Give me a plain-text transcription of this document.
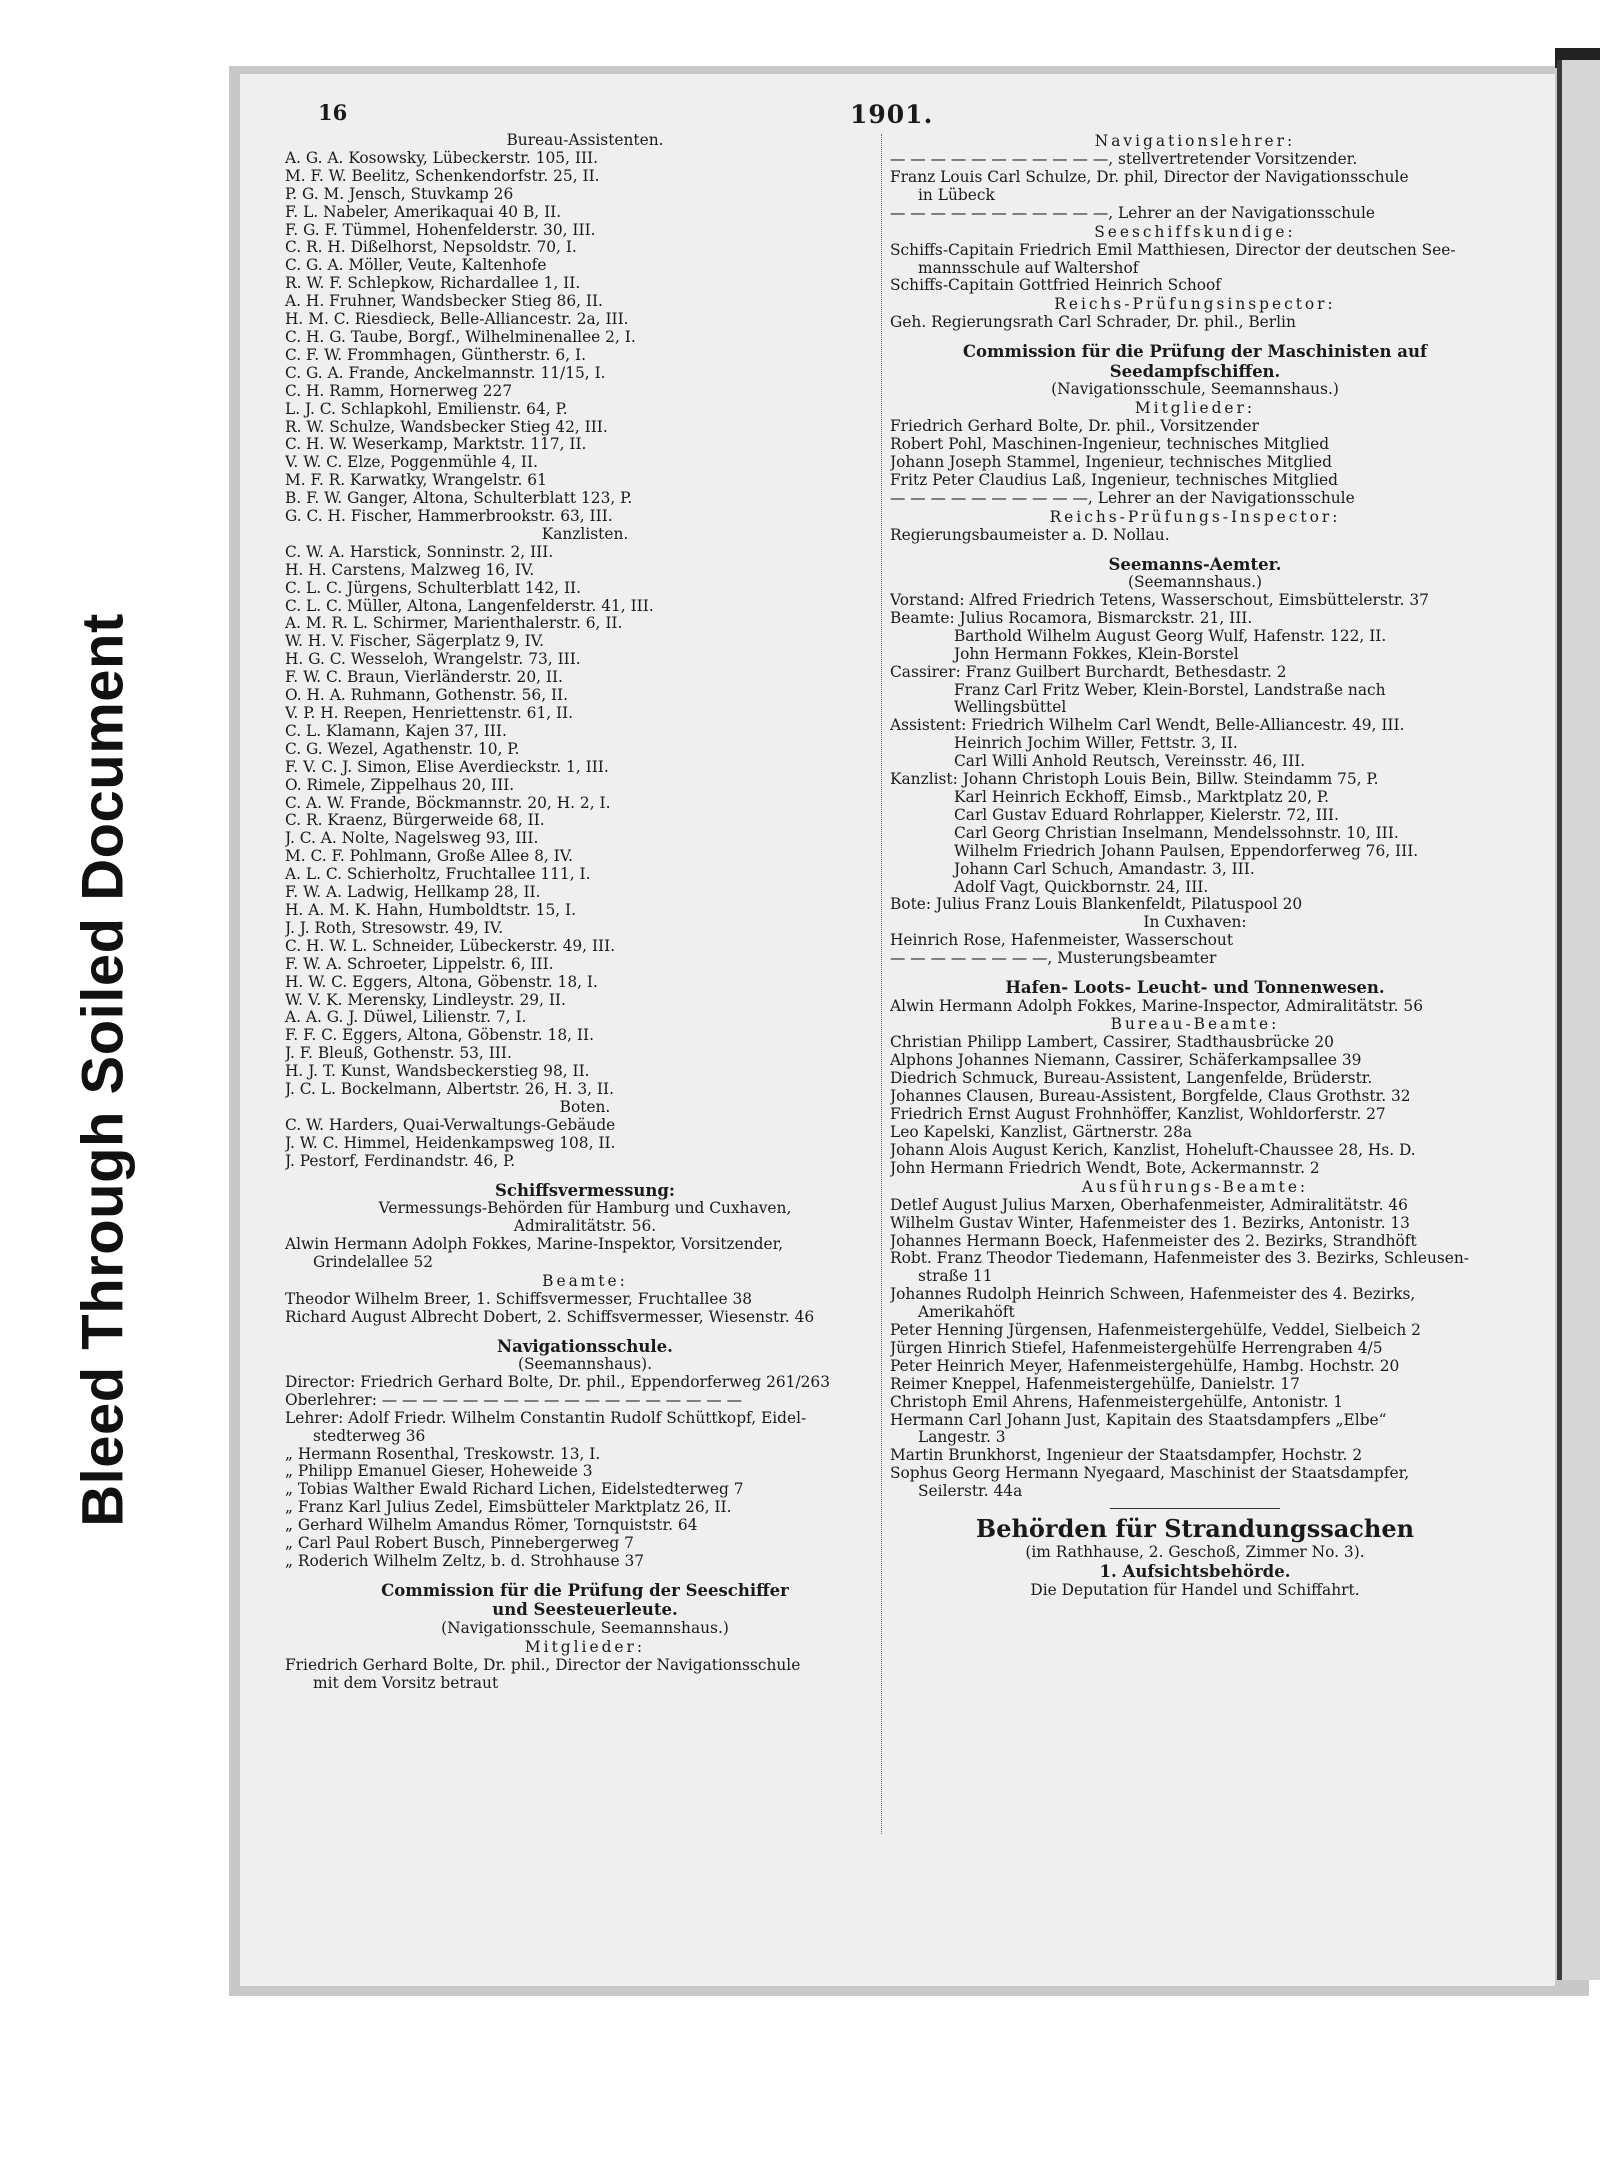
Bleed Through Soiled Document
16	1901.
Bureau-Assistenten.
A. G. A. Kosowsky, Lübeckerstr. 105, III.
M. F. W. Beelitz, Schenkendorfstr. 25, II.
P. G. M. Jensch, Stuvkamp 26
F. L. Nabeler, Amerikaquai 40 B, II.
F. G. F. Tümmel, Hohenfelderstr. 30, III.
C. R. H. Dißelhorst, Nepsoldstr. 70, I.
C. G. A. Möller, Veute, Kaltenhofe
R. W. F. Schlepkow, Richardallee 1, II.
A. H. Fruhner, Wandsbecker Stieg 86, II.
H. M. C. Riesdieck, Belle-Alliancestr. 2a, III.
C. H. G. Taube, Borgf., Wilhelminenallee 2, I.
C. F. W. Frommhagen, Güntherstr. 6, I.
C. G. A. Frande, Anckelmannstr. 11/15, I.
C. H. Ramm, Hornerweg 227
L. J. C. Schlapkohl, Emilienstr. 64, P.
R. W. Schulze, Wandsbecker Stieg 42, III.
C. H. W. Weserkamp, Marktstr. 117, II.
V. W. C. Elze, Poggenmühle 4, II.
M. F. R. Karwatky, Wrangelstr. 61
B. F. W. Ganger, Altona, Schulterblatt 123, P.
G. C. H. Fischer, Hammerbrookstr. 63, III.
Kanzlisten.
C. W. A. Harstick, Sonninstr. 2, III.
H. H. Carstens, Malzweg 16, IV.
C. L. C. Jürgens, Schulterblatt 142, II.
C. L. C. Müller, Altona, Langenfelderstr. 41, III.
A. M. R. L. Schirmer, Marienthalerstr. 6, II.
W. H. V. Fischer, Sägerplatz 9, IV.
H. G. C. Wesseloh, Wrangelstr. 73, III.
F. W. C. Braun, Vierländerstr. 20, II.
O. H. A. Ruhmann, Gothenstr. 56, II.
V. P. H. Reepen, Henriettenstr. 61, II.
C. L. Klamann, Kajen 37, III.
C. G. Wezel, Agathenstr. 10, P.
F. V. C. J. Simon, Elise Averdieckstr. 1, III.
O. Rimele, Zippelhaus 20, III.
C. A. W. Frande, Böckmannstr. 20, H. 2, I.
C. R. Kraenz, Bürgerweide 68, II.
J. C. A. Nolte, Nagelsweg 93, III.
M. C. F. Pohlmann, Große Allee 8, IV.
A. L. C. Schierholtz, Fruchtallee 111, I.
F. W. A. Ladwig, Hellkamp 28, II.
H. A. M. K. Hahn, Humboldtstr. 15, I.
J. J. Roth, Stresowstr. 49, IV.
C. H. W. L. Schneider, Lübeckerstr. 49, III.
F. W. A. Schroeter, Lippelstr. 6, III.
H. W. C. Eggers, Altona, Göbenstr. 18, I.
W. V. K. Merensky, Lindleystr. 29, II.
A. A. G. J. Düwel, Lilienstr. 7, I.
F. F. C. Eggers, Altona, Göbenstr. 18, II.
J. F. Bleuß, Gothenstr. 53, III.
H. J. T. Kunst, Wandsbeckerstieg 98, II.
J. C. L. Bockelmann, Albertstr. 26, H. 3, II.
Boten.
C. W. Harders, Quai-Verwaltungs-Gebäude
J. W. C. Himmel, Heidenkampsweg 108, II.
J. Pestorf, Ferdinandstr. 46, P.
Schiffsvermessung:
Vermessungs-Behörden für Hamburg und Cuxhaven,
Admiralitätstr. 56.
Alwin Hermann Adolph Fokkes, Marine-Inspektor, Vorsitzender,
Grindelallee 52
Beamte:
Theodor Wilhelm Breer, 1. Schiffsvermesser, Fruchtallee 38
Richard August Albrecht Dobert, 2. Schiffsvermesser, Wiesenstr. 46
Navigationsschule.
(Seemannshaus).
Director: Friedrich Gerhard Bolte, Dr. phil., Eppendorferweg 261/263
Oberlehrer: — — — — — — — — — — — — — — — — — —
Lehrer: Adolf Friedr. Wilhelm Constantin Rudolf Schüttkopf, Eidel-
stedterweg 36
„ Hermann Rosenthal, Treskowstr. 13, I.
„ Philipp Emanuel Gieser, Hoheweide 3
„ Tobias Walther Ewald Richard Lichen, Eidelstedterweg 7
„ Franz Karl Julius Zedel, Eimsbütteler Marktplatz 26, II.
„ Gerhard Wilhelm Amandus Römer, Tornquiststr. 64
„ Carl Paul Robert Busch, Pinnebergerweg 7
„ Roderich Wilhelm Zeltz, b. d. Strohhause 37
Commission für die Prüfung der Seeschiffer
und Seesteuerleute.
(Navigationsschule, Seemannshaus.)
Mitglieder:
Friedrich Gerhard Bolte, Dr. phil., Director der Navigationsschule
mit dem Vorsitz betraut
Navigationslehrer:
— — — — — — — — — — —, stellvertretender Vorsitzender.
Franz Louis Carl Schulze, Dr. phil, Director der Navigationsschule
in Lübeck
— — — — — — — — — — —, Lehrer an der Navigationsschule
Seeschiffskundige:
Schiffs-Capitain Friedrich Emil Matthiesen, Director der deutschen See-
mannsschule auf Waltershof
Schiffs-Capitain Gottfried Heinrich Schoof
Reichs-Prüfungsinspector:
Geh. Regierungsrath Carl Schrader, Dr. phil., Berlin
Commission für die Prüfung der Maschinisten auf
Seedampfschiffen.
(Navigationsschule, Seemannshaus.)
Mitglieder:
Friedrich Gerhard Bolte, Dr. phil., Vorsitzender
Robert Pohl, Maschinen-Ingenieur, technisches Mitglied
Johann Joseph Stammel, Ingenieur, technisches Mitglied
Fritz Peter Claudius Laß, Ingenieur, technisches Mitglied
— — — — — — — — — —, Lehrer an der Navigationsschule
Reichs-Prüfungs-Inspector:
Regierungsbaumeister a. D. Nollau.
Seemanns-Aemter.
(Seemannshaus.)
Vorstand: Alfred Friedrich Tetens, Wasserschout, Eimsbüttelerstr. 37
Beamte: Julius Rocamora, Bismarckstr. 21, III.
Barthold Wilhelm August Georg Wulf, Hafenstr. 122, II.
John Hermann Fokkes, Klein-Borstel
Cassirer: Franz Guilbert Burchardt, Bethesdastr. 2
Franz Carl Fritz Weber, Klein-Borstel, Landstraße nach
Wellingsbüttel
Assistent: Friedrich Wilhelm Carl Wendt, Belle-Alliancestr. 49, III.
Heinrich Jochim Willer, Fettstr. 3, II.
Carl Willi Anhold Reutsch, Vereinsstr. 46, III.
Kanzlist: Johann Christoph Louis Bein, Billw. Steindamm 75, P.
Karl Heinrich Eckhoff, Eimsb., Marktplatz 20, P.
Carl Gustav Eduard Rohrlapper, Kielerstr. 72, III.
Carl Georg Christian Inselmann, Mendelssohnstr. 10, III.
Wilhelm Friedrich Johann Paulsen, Eppendorferweg 76, III.
Johann Carl Schuch, Amandastr. 3, III.
Adolf Vagt, Quickbornstr. 24, III.
Bote: Julius Franz Louis Blankenfeldt, Pilatuspool 20
In Cuxhaven:
Heinrich Rose, Hafenmeister, Wasserschout
— — — — — — — —, Musterungsbeamter
Hafen- Loots- Leucht- und Tonnenwesen.
Alwin Hermann Adolph Fokkes, Marine-Inspector, Admiralitätstr. 56
Bureau-Beamte:
Christian Philipp Lambert, Cassirer, Stadthausbrücke 20
Alphons Johannes Niemann, Cassirer, Schäferkampsallee 39
Diedrich Schmuck, Bureau-Assistent, Langenfelde, Brüderstr.
Johannes Clausen, Bureau-Assistent, Borgfelde, Claus Grothstr. 32
Friedrich Ernst August Frohnhöffer, Kanzlist, Wohldorferstr. 27
Leo Kapelski, Kanzlist, Gärtnerstr. 28a
Johann Alois August Kerich, Kanzlist, Hoheluft-Chaussee 28, Hs. D.
John Hermann Friedrich Wendt, Bote, Ackermannstr. 2
Ausführungs-Beamte:
Detlef August Julius Marxen, Oberhafenmeister, Admiralitätstr. 46
Wilhelm Gustav Winter, Hafenmeister des 1. Bezirks, Antonistr. 13
Johannes Hermann Boeck, Hafenmeister des 2. Bezirks, Strandhöft
Robt. Franz Theodor Tiedemann, Hafenmeister des 3. Bezirks, Schleusen-
straße 11
Johannes Rudolph Heinrich Schween, Hafenmeister des 4. Bezirks,
Amerikahöft
Peter Henning Jürgensen, Hafenmeistergehülfe, Veddel, Sielbeich 2
Jürgen Hinrich Stiefel, Hafenmeistergehülfe Herrengraben 4/5
Peter Heinrich Meyer, Hafenmeistergehülfe, Hambg. Hochstr. 20
Reimer Kneppel, Hafenmeistergehülfe, Danielstr. 17
Christoph Emil Ahrens, Hafenmeistergehülfe, Antonistr. 1
Hermann Carl Johann Just, Kapitain des Staatsdampfers „Elbe“
Langestr. 3
Martin Brunkhorst, Ingenieur der Staatsdampfer, Hochstr. 2
Sophus Georg Hermann Nyegaard, Maschinist der Staatsdampfer,
Seilerstr. 44a
Behörden für Strandungssachen
(im Rathhause, 2. Geschoß, Zimmer No. 3).
1. Aufsichtsbehörde.
Die Deputation für Handel und Schiffahrt.
